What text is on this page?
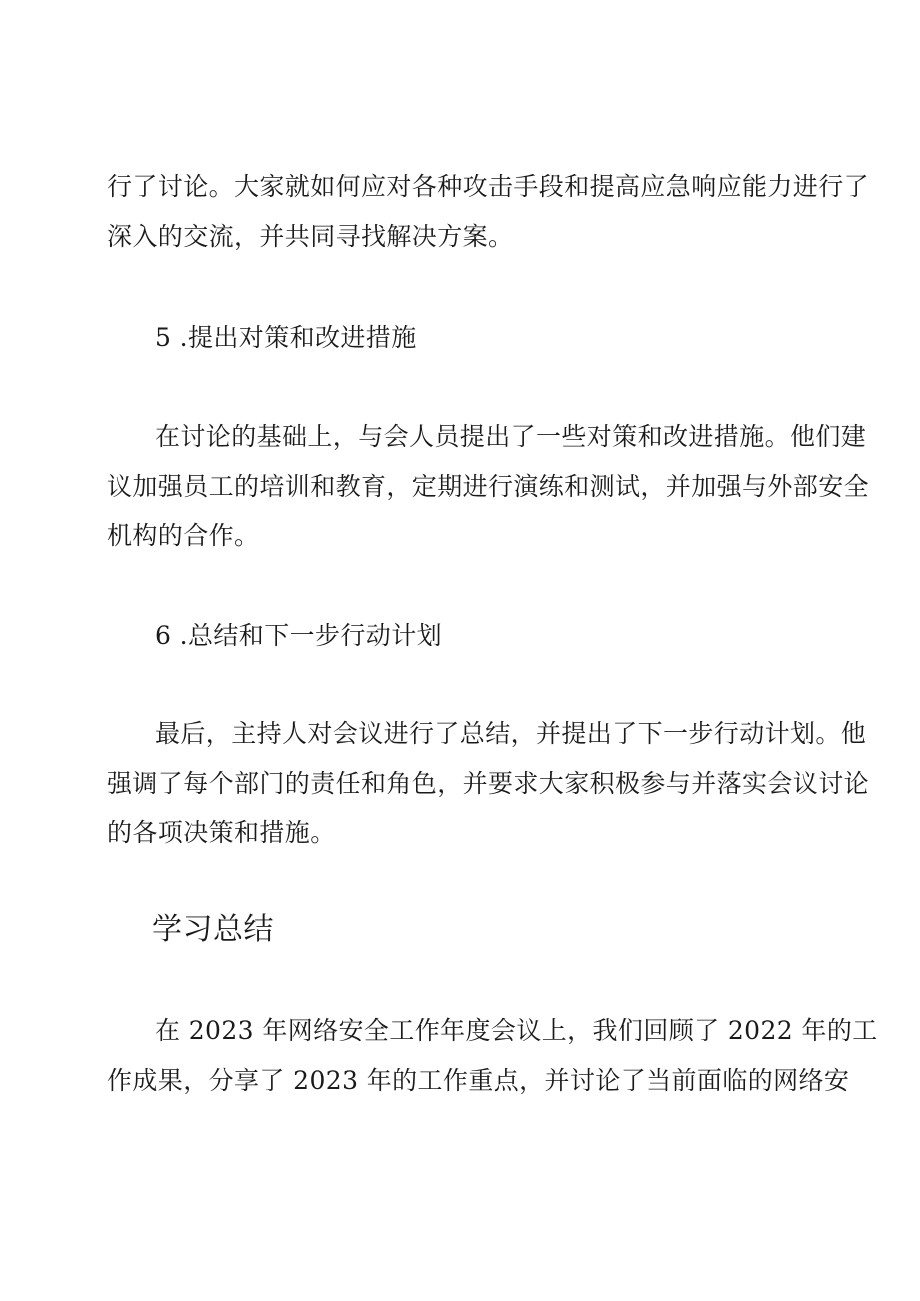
行了讨论。大家就如何应对各种攻击手段和提高应急响应能力进行了
深入的交流，并共同寻找解决方案。
5 .提出对策和改进措施
在讨论的基础上，与会人员提出了一些对策和改进措施。他们建
议加强员工的培训和教育，定期进行演练和测试，并加强与外部安全
机构的合作。
6 .总结和下一步行动计划
最后，主持人对会议进行了总结，并提出了下一步行动计划。他
强调了每个部门的责任和角色，并要求大家积极参与并落实会议讨论
的各项决策和措施。
学习总结
在 2023 年网络安全工作年度会议上，我们回顾了 2022 年的工
作成果，分享了 2023 年的工作重点，并讨论了当前面临的网络安
